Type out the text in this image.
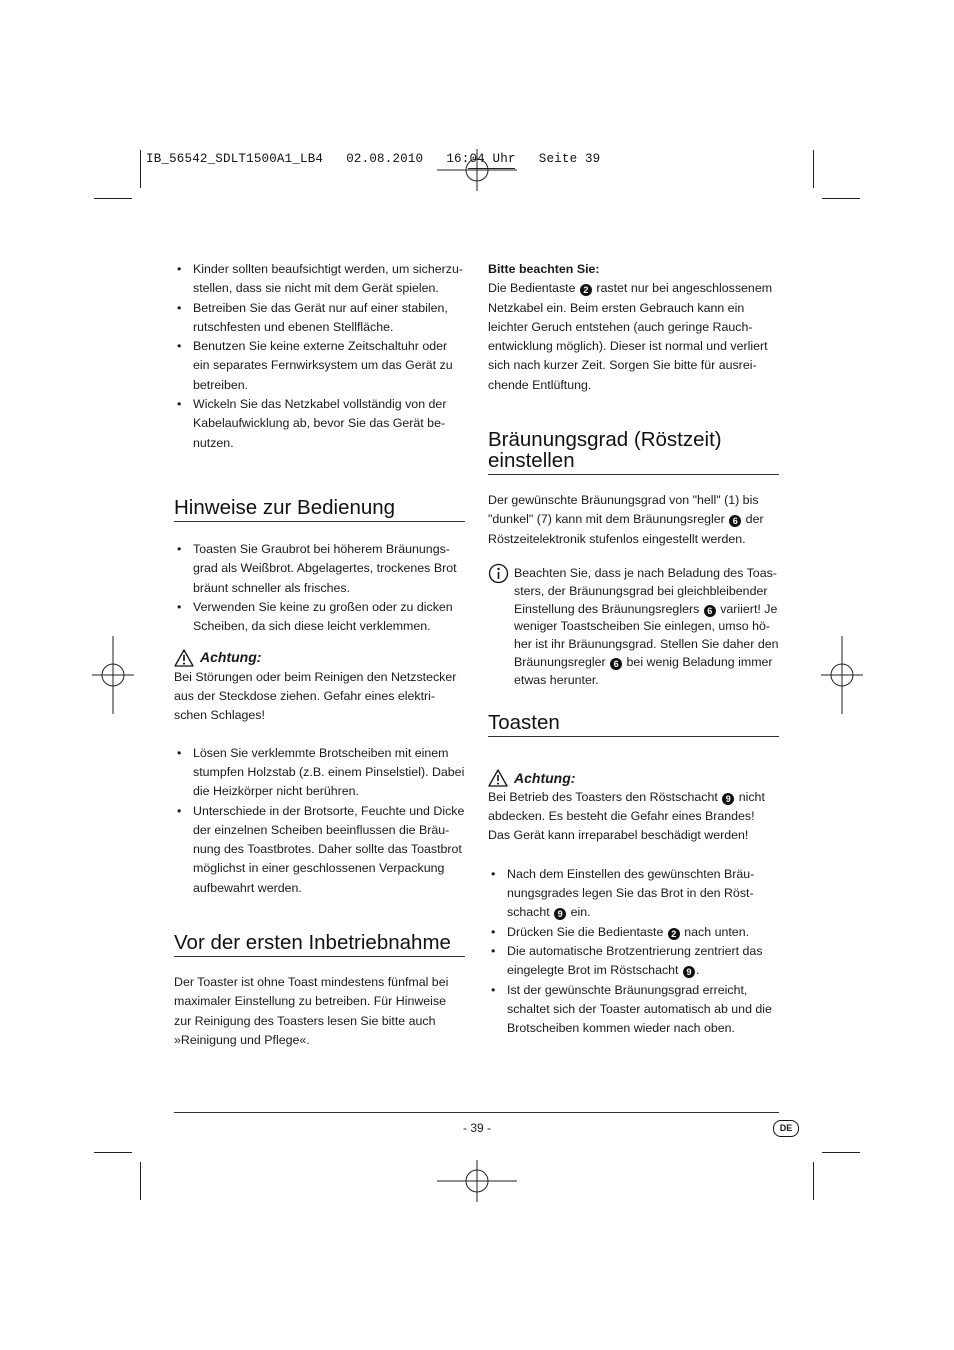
IB_56542_SDLT1500A1_LB4   02.08.2010   16:04 Uhr   Seite 39
• Kinder sollten beaufsichtigt werden, um sicherzu-stellen, dass sie nicht mit dem Gerät spielen.
• Betreiben Sie das Gerät nur auf einer stabilen, rutschfesten und ebenen Stellfläche.
• Benutzen Sie keine externe Zeitschaltuhr oder ein separates Fernwirksystem um das Gerät zu betreiben.
• Wickeln Sie das Netzkabel vollständig von der Kabelaufwicklung ab, bevor Sie das Gerät be-nutzen.
Hinweise zur Bedienung
• Toasten Sie Graubrot bei höherem Bräunungs-grad als Weißbrot. Abgelagertes, trockenes Brot bräunt schneller als frisches.
• Verwenden Sie keine zu großen oder zu dicken Scheiben, da sich diese leicht verklemmen.
Achtung:

Bei Störungen oder beim Reinigen den Netzstecker aus der Steckdose ziehen. Gefahr eines elektri-schen Schlages!

• Lösen Sie verklemmte Brotscheiben mit einem stumpfen Holzstab (z.B. einem Pinselstiel). Dabei die Heizkörper nicht berühren.
• Unterschiede in der Brotsorte, Feuchte und Dicke der einzelnen Scheiben beeinflussen die Bräu-nung des Toastbrotes. Daher sollte das Toastbrot möglichst in einer geschlossenen Verpackung aufbewahrt werden.
Vor der ersten Inbetriebnahme

Der Toaster ist ohne Toast mindestens fünfmal bei maximaler Einstellung zu betreiben. Für Hinweise zur Reinigung des Toasters lesen Sie bitte auch »Reinigung und Pflege«.

Bitte beachten Sie:

Die Bedientaste 2 rastet nur bei angeschlossenem Netzkabel ein. Beim ersten Gebrauch kann ein leichter Geruch entstehen (auch geringe Rauch-entwicklung möglich). Dieser ist normal und verliert sich nach kurzer Zeit. Sorgen Sie bitte für ausrei-chende Entlüftung.

Bräunungsgrad (Röstzeit)
einstellen

Der gewünschte Bräunungsgrad von "hell" (1) bis "dunkel" (7) kann mit dem Bräunungsregler 6 der Röstzeitelektronik stufenlos eingestellt werden.

Beachten Sie, dass je nach Beladung des Toas-sters, der Bräunungsgrad bei gleichbleibender Einstellung des Bräunungsreglers 6 variiert! Je weniger Toastscheiben Sie einlegen, umso hö-her ist ihr Bräunungsgrad. Stellen Sie daher den Bräunungsregler 6 bei wenig Beladung immer etwas herunter.
Toasten
Achtung:

Bei Betrieb des Toasters den Röstschacht 9 nicht abdecken. Es besteht die Gefahr eines Brandes! Das Gerät kann irreparabel beschädigt werden!

• Nach dem Einstellen des gewünschten Bräu-nungsgrades legen Sie das Brot in den Röst-schacht 9 ein.
• Drücken Sie die Bedientaste 2 nach unten.
• Die automatische Brotzentrierung zentriert das eingelegte Brot im Röstschacht 9 .
• Ist der gewünschte Bräunungsgrad erreicht, schaltet sich der Toaster automatisch ab und die Brotscheiben kommen wieder nach oben.
- 39 -	DE
